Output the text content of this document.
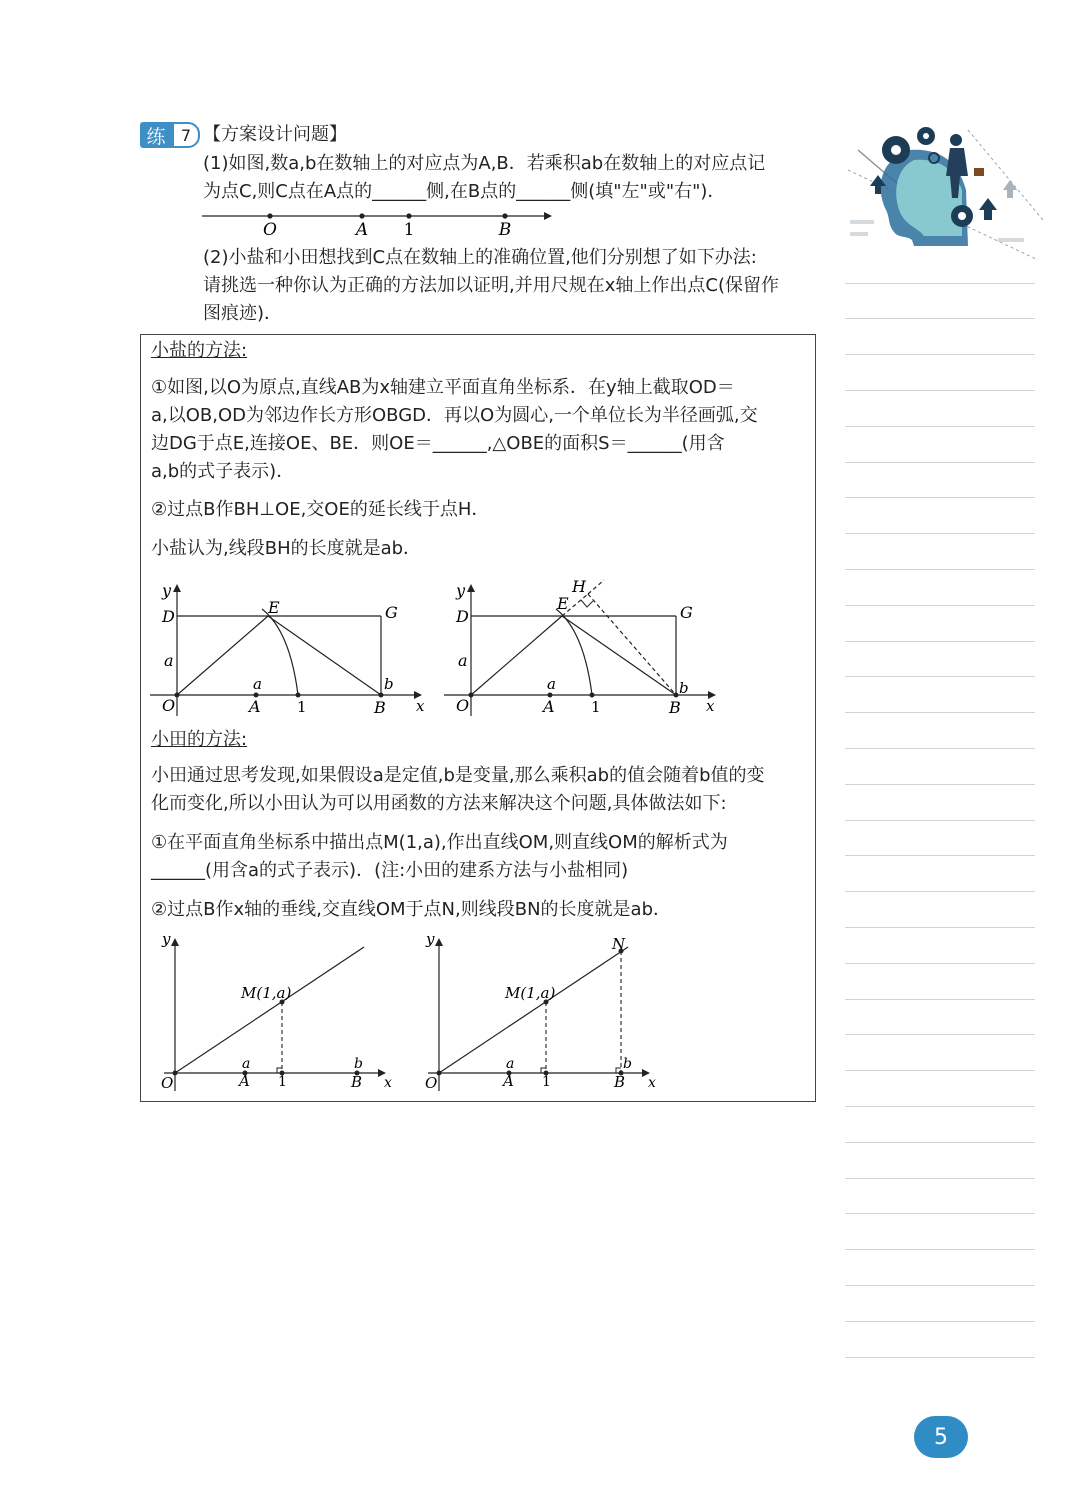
练 7 【方案设计问题】
(1)如图,数a,b在数轴上的对应点为A,B．若乘积ab在数轴上的对应点记
为点C,则C点在A点的______侧,在B点的______侧(填"左"或"右")．
O	A 1	B
(2)小盐和小田想找到C点在数轴上的准确位置,他们分别想了如下办法:
请挑选一种你认为正确的方法加以证明,并用尺规在x轴上作出点C(保留作
图痕迹)．
小盐的方法:
①如图,以O为原点,直线AB为x轴建立平面直角坐标系．在y轴上截取OD＝
a,以OB,OD为邻边作长方形OBGD．再以O为圆心,一个单位长为半径画弧,交
边DG于点E,连接OE、BE．则OE＝______,△OBE的面积S＝______(用含
a,b的式子表示)．
②过点B作BH⊥OE,交OE的延长线于点H．
小盐认为,线段BH的长度就是ab．
y
x
O
D	E	G
a
a	b
A 1	B
y
x
O
D
E	G
a
a	b
A 1	B
H
小田的方法:
小田通过思考发现,如果假设a是定值,b是变量,那么乘积ab的值会随着b值的变
化而变化,所以小田认为可以用函数的方法来解决这个问题,具体做法如下:
①在平面直角坐标系中描出点M(1,a),作出直线OM,则直线OM的解析式为
______(用含a的式子表示)．(注:小田的建系方法与小盐相同)
②过点B作x轴的垂线,交直线OM于点N,则线段BN的长度就是ab．
y
x
O
M(1,a)
a
A 1
b
B
y
x
O
M(1,a)
a
A 1
b
B
N
5
